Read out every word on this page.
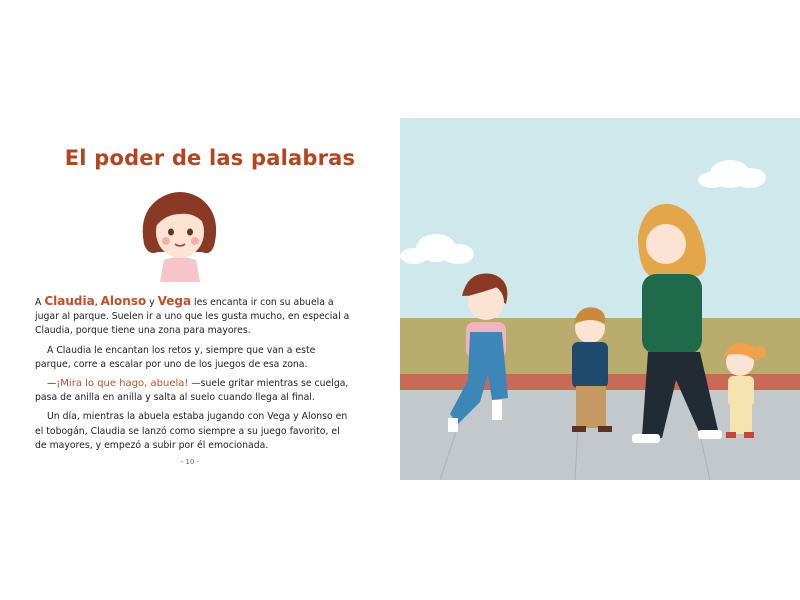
El poder de las palabras

A Claudia, Alonso y Vega les encanta ir con su abuela a jugar al parque. Suelen ir a uno que les gusta mucho, en especial a Claudia, porque tiene una zona para mayores.

A Claudia le encantan los retos y, siempre que van a este parque, corre a escalar por uno de los juegos de esa zona.

—¡Mira lo que hago, abuela! —suele gritar mientras se cuelga, pasa de anilla en anilla y salta al suelo cuando llega al final.

Un día, mientras la abuela estaba jugando con Vega y Alonso en el tobogán, Claudia se lanzó como siempre a su juego favorito, el de mayores, y empezó a subir por él emocionada.

- 10 -
